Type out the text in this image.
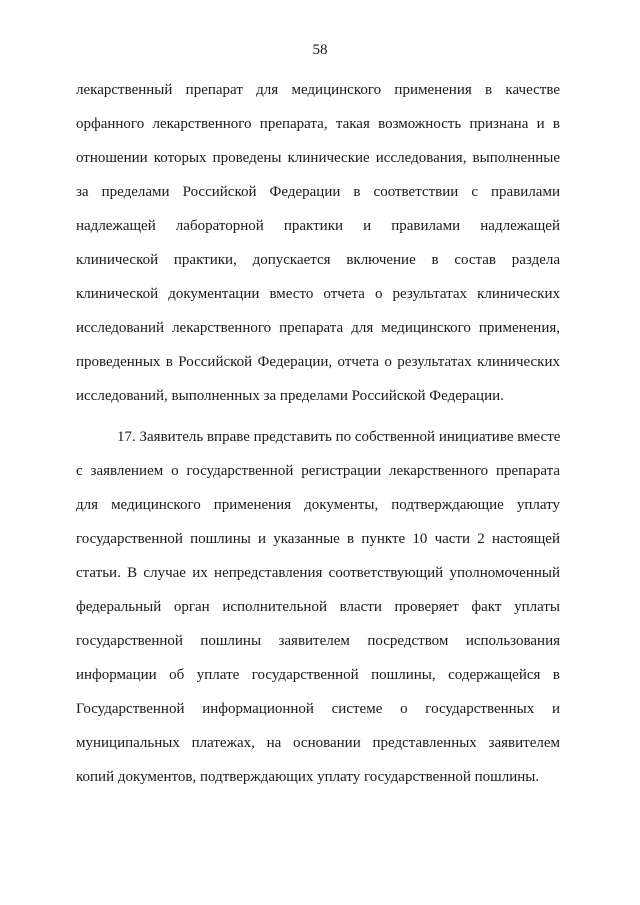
58
лекарственный препарат для медицинского применения в качестве
орфанного лекарственного препарата, такая возможность признана и в
отношении которых проведены клинические исследования, выполненные
за пределами Российской Федерации в соответствии с правилами
надлежащей лабораторной практики и правилами надлежащей
клинической практики, допускается включение в состав раздела
клинической документации вместо отчета о результатах клинических
исследований лекарственного препарата для медицинского применения,
проведенных в Российской Федерации, отчета о результатах клинических
исследований, выполненных за пределами Российской Федерации.
17. Заявитель вправе представить по собственной инициативе вместе
с заявлением о государственной регистрации лекарственного препарата
для медицинского применения документы, подтверждающие уплату
государственной пошлины и указанные в пункте 10 части 2 настоящей
статьи. В случае их непредставления соответствующий уполномоченный
федеральный орган исполнительной власти проверяет факт уплаты
государственной пошлины заявителем посредством использования
информации об уплате государственной пошлины, содержащейся в
Государственной информационной системе о государственных и
муниципальных платежах, на основании представленных заявителем
копий документов, подтверждающих уплату государственной пошлины.
